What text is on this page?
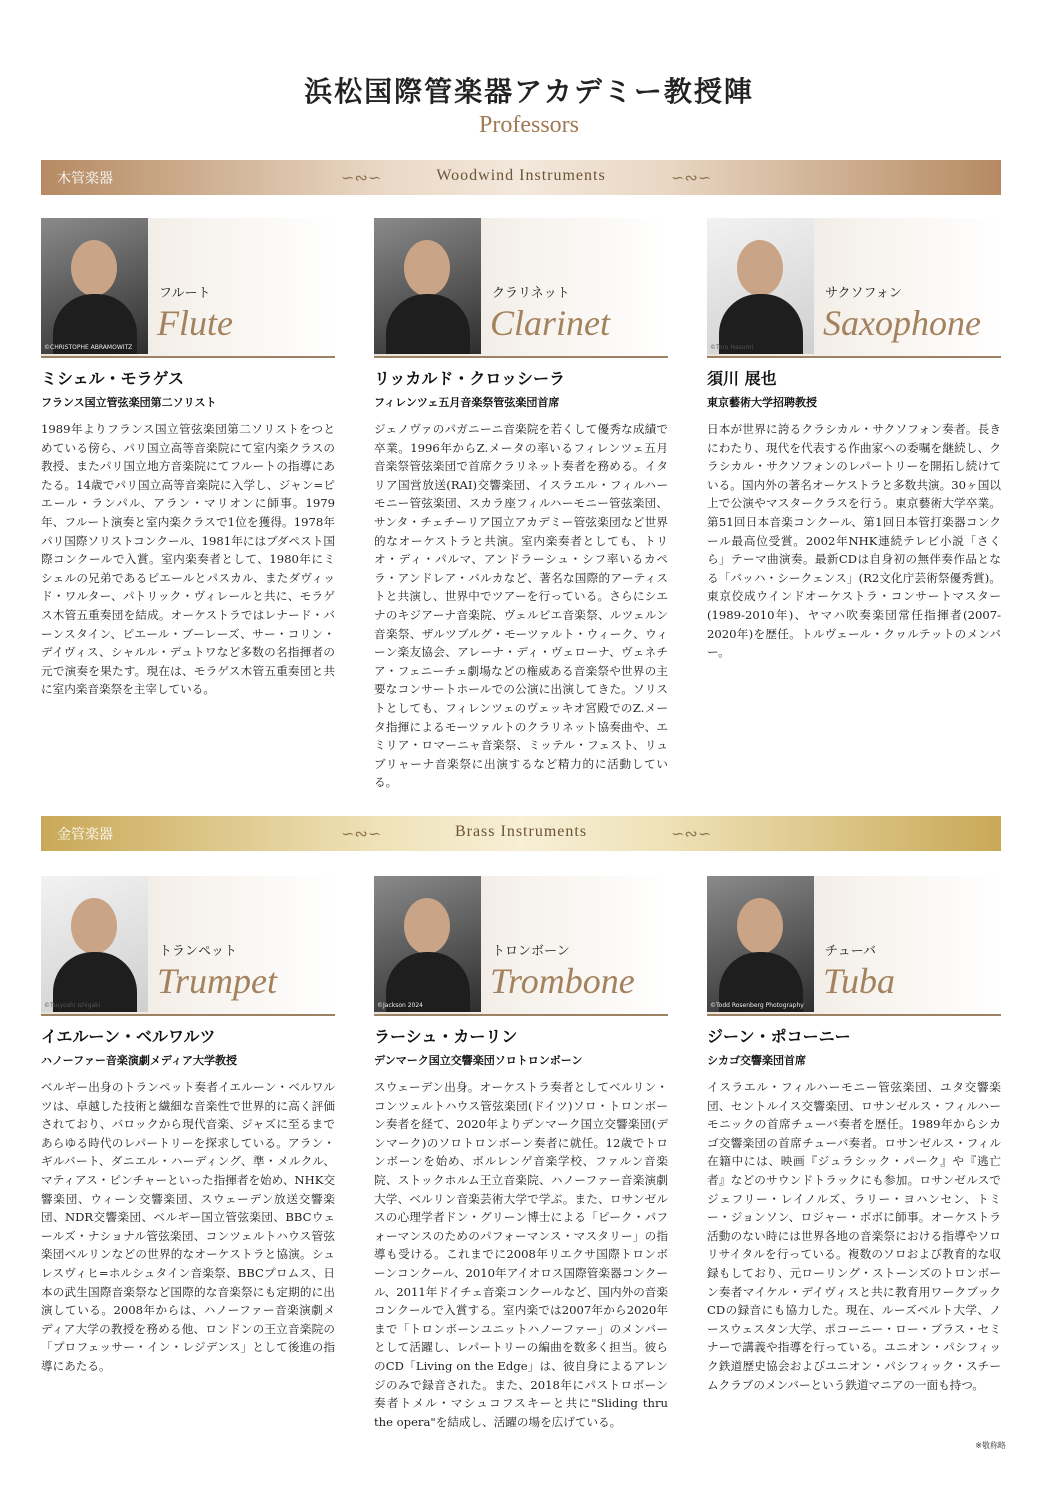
浜松国際管楽器アカデミー教授陣
Professors
木管楽器	∽∾∽	Woodwind Instruments	∽∾∽
金管楽器	∽∾∽	Brass Instruments	∽∾∽
©CHRISTOPHE ABRAMOWITZ
フルート
Flute
ミシェル・モラゲス
フランス国立管弦楽団第二ソリスト
1989年よりフランス国立管弦楽団第二ソリストをつとめている傍ら、パリ国立高等音楽院にて室内楽クラスの教授、またパリ国立地方音楽院にてフルートの指導にあたる。14歳でパリ国立高等音楽院に入学し、ジャン=ピエール・ランパル、アラン・マリオンに師事。1979年、フルート演奏と室内楽クラスで1位を獲得。1978年パリ国際ソリストコンクール、1981年にはブダペスト国際コンクールで入賞。室内楽奏者として、1980年にミシェルの兄弟であるピエールとパスカル、またダヴィッド・ワルター、パトリック・ヴィレールと共に、モラゲス木管五重奏団を結成。オーケストラではレナード・バーンスタイン、ピエール・ブーレーズ、サー・コリン・デイヴィス、シャルル・デュトワなど多数の名指揮者の元で演奏を果たす。現在は、モラゲス木管五重奏団と共に室内楽音楽祭を主宰している。
クラリネット
Clarinet
リッカルド・クロッシーラ
フィレンツェ五月音楽祭管弦楽団首席
ジェノヴァのパガニーニ音楽院を若くして優秀な成績で卒業。1996年からZ.メータの率いるフィレンツェ五月音楽祭管弦楽団で首席クラリネット奏者を務める。イタリア国営放送(RAI)交響楽団、イスラエル・フィルハーモニー管弦楽団、スカラ座フィルハーモニー管弦楽団、サンタ・チェチーリア国立アカデミー管弦楽団など世界的なオーケストラと共演。室内楽奏者としても、トリオ・ディ・パルマ、アンドラーシュ・シフ率いるカペラ・アンドレア・バルカなど、著名な国際的アーティストと共演し、世界中でツアーを行っている。さらにシエナのキジアーナ音楽院、ヴェルビエ音楽祭、ルツェルン音楽祭、ザルツブルグ・モーツァルト・ウィーク、ウィーン楽友協会、アレーナ・ディ・ヴェローナ、ヴェネチア・フェニーチェ劇場などの権威ある音楽祭や世界の主要なコンサートホールでの公演に出演してきた。ソリストとしても、フィレンツェのヴェッキオ宮殿でのZ.メータ指揮によるモーツァルトのクラリネット協奏曲や、エミリア・ロマーニャ音楽祭、ミッテル・フェスト、リュブリャーナ音楽祭に出演するなど精力的に活動している。
©Toru Hasumi
サクソフォン
Saxophone
須川 展也
東京藝術大学招聘教授
日本が世界に誇るクラシカル・サクソフォン奏者。長きにわたり、現代を代表する作曲家への委嘱を継続し、クラシカル・サクソフォンのレパートリーを開拓し続けている。国内外の著名オーケストラと多数共演。30ヶ国以上で公演やマスタークラスを行う。東京藝術大学卒業。第51回日本音楽コンクール、第1回日本管打楽器コンクール最高位受賞。2002年NHK連続テレビ小説「さくら」テーマ曲演奏。最新CDは自身初の無伴奏作品となる「バッハ・シークェンス」(R2文化庁芸術祭優秀賞)。東京佼成ウインドオーケストラ・コンサートマスター(1989-2010年)、ヤマハ吹奏楽団常任指揮者(2007-2020年)を歴任。トルヴェール・クヮルテットのメンバー。
©Tsuyoshi Ishigaki
トランペット
Trumpet
イエルーン・ベルワルツ
ハノーファー音楽演劇メディア大学教授
ベルギー出身のトランペット奏者イエルーン・ベルワルツは、卓越した技術と繊細な音楽性で世界的に高く評価されており、バロックから現代音楽、ジャズに至るまであらゆる時代のレパートリーを探求している。アラン・ギルバート、ダニエル・ハーディング、準・メルクル、マティアス・ピンチャーといった指揮者を始め、NHK交響楽団、ウィーン交響楽団、スウェーデン放送交響楽団、NDR交響楽団、ベルギー国立管弦楽団、BBCウェールズ・ナショナル管弦楽団、コンツェルトハウス管弦楽団ベルリンなどの世界的なオーケストラと協演。シュレスヴィヒ=ホルシュタイン音楽祭、BBCプロムス、日本の武生国際音楽祭など国際的な音楽祭にも定期的に出演している。2008年からは、ハノーファー音楽演劇メディア大学の教授を務める他、ロンドンの王立音楽院の「プロフェッサー・イン・レジデンス」として後進の指導にあたる。
©Jackson 2024
トロンボーン
Trombone
ラーシュ・カーリン
デンマーク国立交響楽団ソロトロンボーン
スウェーデン出身。オーケストラ奏者としてベルリン・コンツェルトハウス管弦楽団(ドイツ)ソロ・トロンボーン奏者を経て、2020年よりデンマーク国立交響楽団(デンマーク)のソロトロンボーン奏者に就任。12歳でトロンボーンを始め、ボルレンゲ音楽学校、ファルン音楽院、ストックホルム王立音楽院、ハノーファー音楽演劇大学、ベルリン音楽芸術大学で学ぶ。また、ロサンゼルスの心理学者ドン・グリーン博士による「ピーク・パフォーマンスのためのパフォーマンス・マスタリー」の指導も受ける。これまでに2008年リエクサ国際トロンボーンコンクール、2010年アイオロス国際管楽器コンクール、2011年ドイチェ音楽コンクールなど、国内外の音楽コンクールで入賞する。室内楽では2007年から2020年まで「トロンボーンユニットハノーファー」のメンバーとして活躍し、レパートリーの編曲を数多く担当。彼らのCD「Living on the Edge」は、彼自身によるアレンジのみで録音された。また、2018年にパストロボーン奏者トメル・マシュコフスキーと共に"Sliding thru the opera"を結成し、活躍の場を広げている。
©Todd Rosenberg Photography
チューバ
Tuba
ジーン・ポコーニー
シカゴ交響楽団首席
イスラエル・フィルハーモニー管弦楽団、ユタ交響楽団、セントルイス交響楽団、ロサンゼルス・フィルハーモニックの首席チューバ奏者を歴任。1989年からシカゴ交響楽団の首席チューバ奏者。ロサンゼルス・フィル在籍中には、映画『ジュラシック・パーク』や『逃亡者』などのサウンドトラックにも参加。ロサンゼルスでジェフリー・レイノルズ、ラリー・ヨハンセン、トミー・ジョンソン、ロジャー・ボボに師事。オーケストラ活動のない時には世界各地の音楽祭における指導やソロリサイタルを行っている。複数のソロおよび教育的な収録もしており、元ローリング・ストーンズのトロンボーン奏者マイケル・デイヴィスと共に教育用ワークブックCDの録音にも協力した。現在、ルーズベルト大学、ノースウェスタン大学、ポコーニー・ロー・ブラス・セミナーで講義や指導を行っている。ユニオン・パシフィック鉄道歴史協会およびユニオン・パシフィック・スチームクラブのメンバーという鉄道マニアの一面も持つ。
※敬称略
